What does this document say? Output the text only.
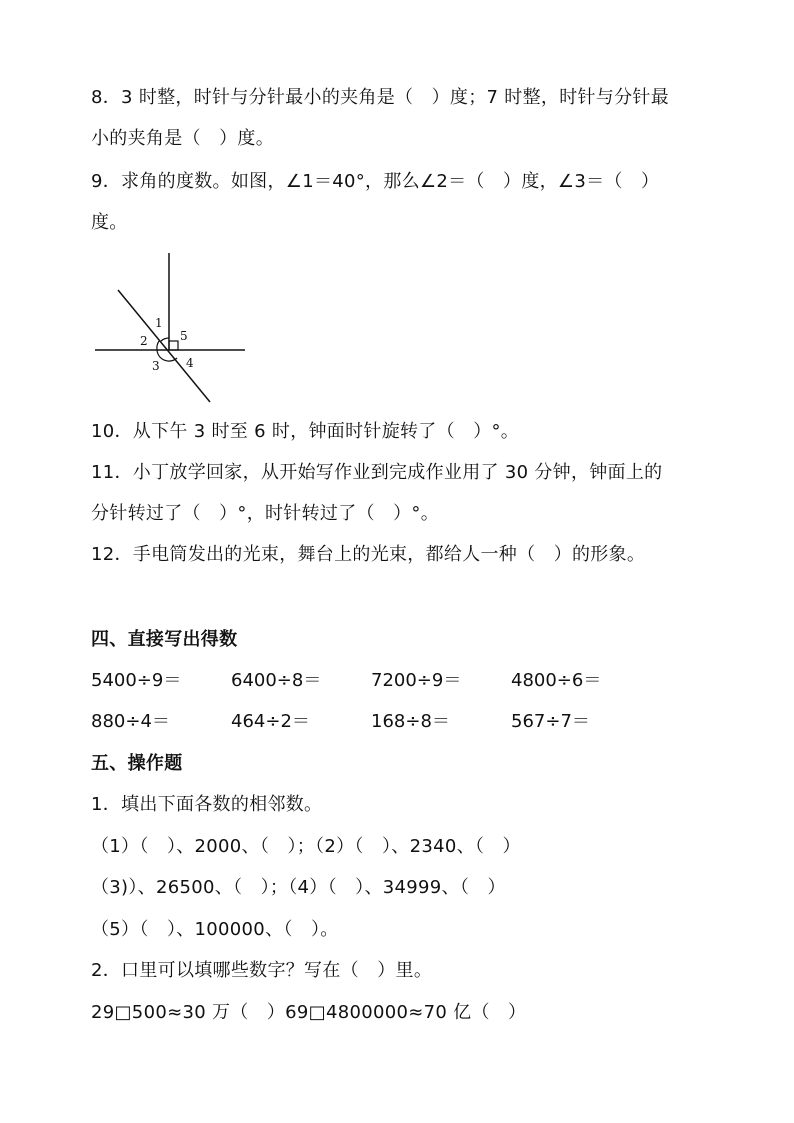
8．3 时整，时针与分针最小的夹角是（　）度；7 时整，时针与分针最
小的夹角是（　）度。
9．求角的度数。如图，∠1＝40°，那么∠2＝（　）度，∠3＝（　）
度。
1
2
3 4
5
10．从下午 3 时至 6 时，钟面时针旋转了（　）°。
11．小丁放学回家，从开始写作业到完成作业用了 30 分钟，钟面上的
分针转过了（　）°，时针转过了（　）°。
12．手电筒发出的光束，舞台上的光束，都给人一种（　）的形象。
四、直接写出得数
5400÷9＝	6400÷8＝	7200÷9＝	4800÷6＝
880÷4＝	464÷2＝	168÷8＝	567÷7＝
五、操作题
1．填出下面各数的相邻数。
（1）（　）、2000、（　）；（2）（　）、2340、（　）
（3)）、26500、（　）；（4）（　）、34999、（　）
（5）（　）、100000、（　）。
2．口里可以填哪些数字？写在（　）里。
29□500≈30 万（　）69□4800000≈70 亿（　）
